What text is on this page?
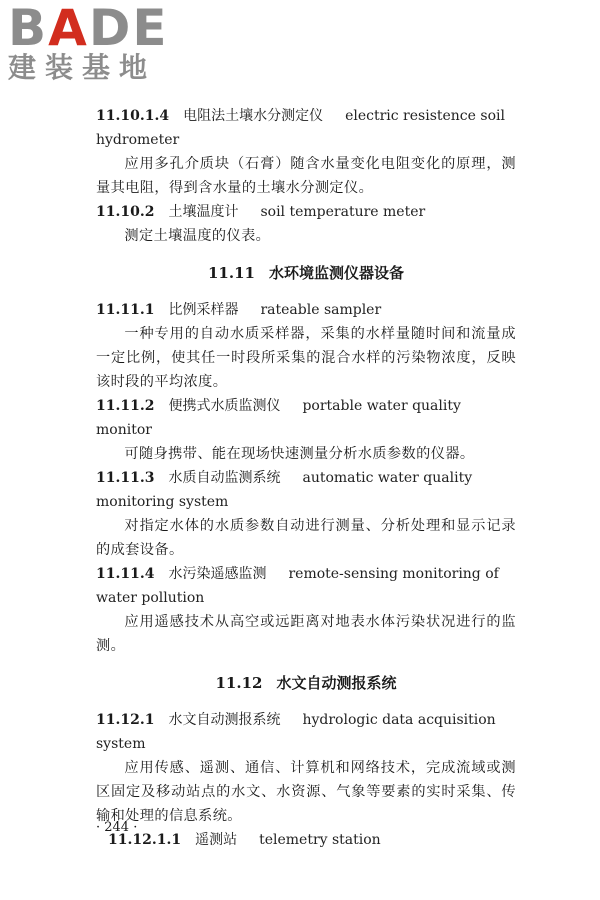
BADE
建装基地
11.10.1.4 电阻法土壤水分测定仪 electric resistence soil hydrometer
应用多孔介质块（石膏）随含水量变化电阻变化的原理，测量其电阻，得到含水量的土壤水分测定仪。
11.10.2 土壤温度计 soil temperature meter
测定土壤温度的仪表。
11.11 水环境监测仪器设备
11.11.1 比例采样器 rateable sampler
一种专用的自动水质采样器，采集的水样量随时间和流量成一定比例，使其任一时段所采集的混合水样的污染物浓度，反映该时段的平均浓度。
11.11.2 便携式水质监测仪 portable water quality monitor
可随身携带、能在现场快速测量分析水质参数的仪器。
11.11.3 水质自动监测系统 automatic water quality monitoring system
对指定水体的水质参数自动进行测量、分析处理和显示记录的成套设备。
11.11.4 水污染遥感监测 remote-sensing monitoring of water pollution
应用遥感技术从高空或远距离对地表水体污染状况进行的监测。
11.12 水文自动测报系统
11.12.1 水文自动测报系统 hydrologic data acquisition system
应用传感、遥测、通信、计算机和网络技术，完成流域或测区固定及移动站点的水文、水资源、气象等要素的实时采集、传输和处理的信息系统。
11.12.1.1 遥测站 telemetry station
· 244 ·
